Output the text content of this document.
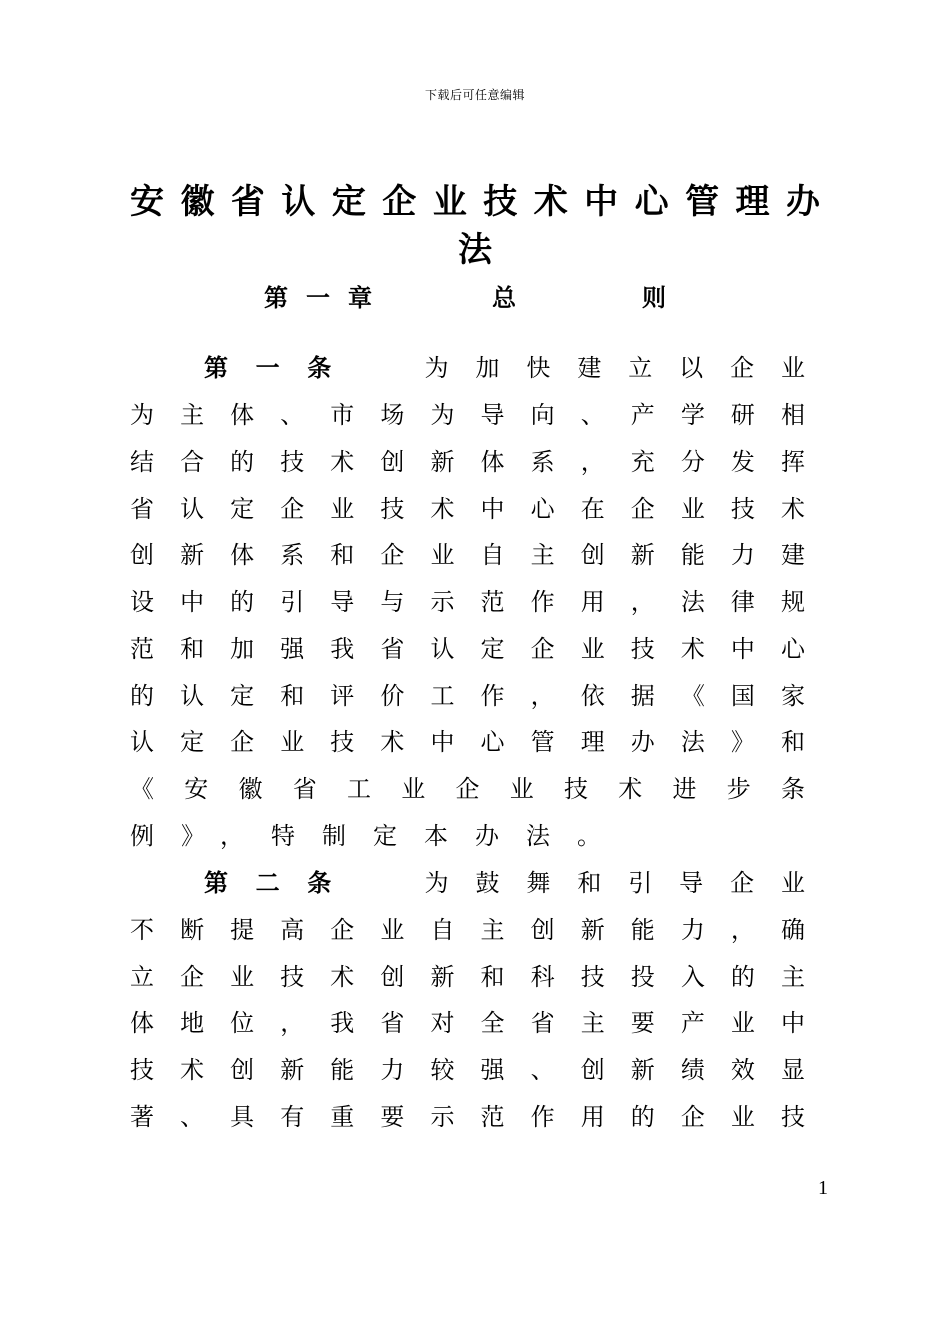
下载后可任意编辑
安徽省认定企业技术中心管理办
法
第一章	总	则
第 一 条	为 加 快 建 立 以 企 业
为主体、市场为导向、产学研相
结合的技术创新体系，充分发挥
省认定企业技术中心在企业技术
创新体系和企业自主创新能力建
设中的引导与示范作用，法律规
范和加强我省认定企业技术中心
的认定和评价工作，依据《国家
认定企业技术中心管理办法》和
《安徽省工业企业技术进步条
例》，特制定本办法。
第 二 条	为 鼓 舞 和 引 导 企 业
不断提高企业自主创新能力，确
立企业技术创新和科技投入的主
体地位，我省对全省主要产业中
技术创新能力较强、创新绩效显
著、具有重要示范作用的企业技
1
